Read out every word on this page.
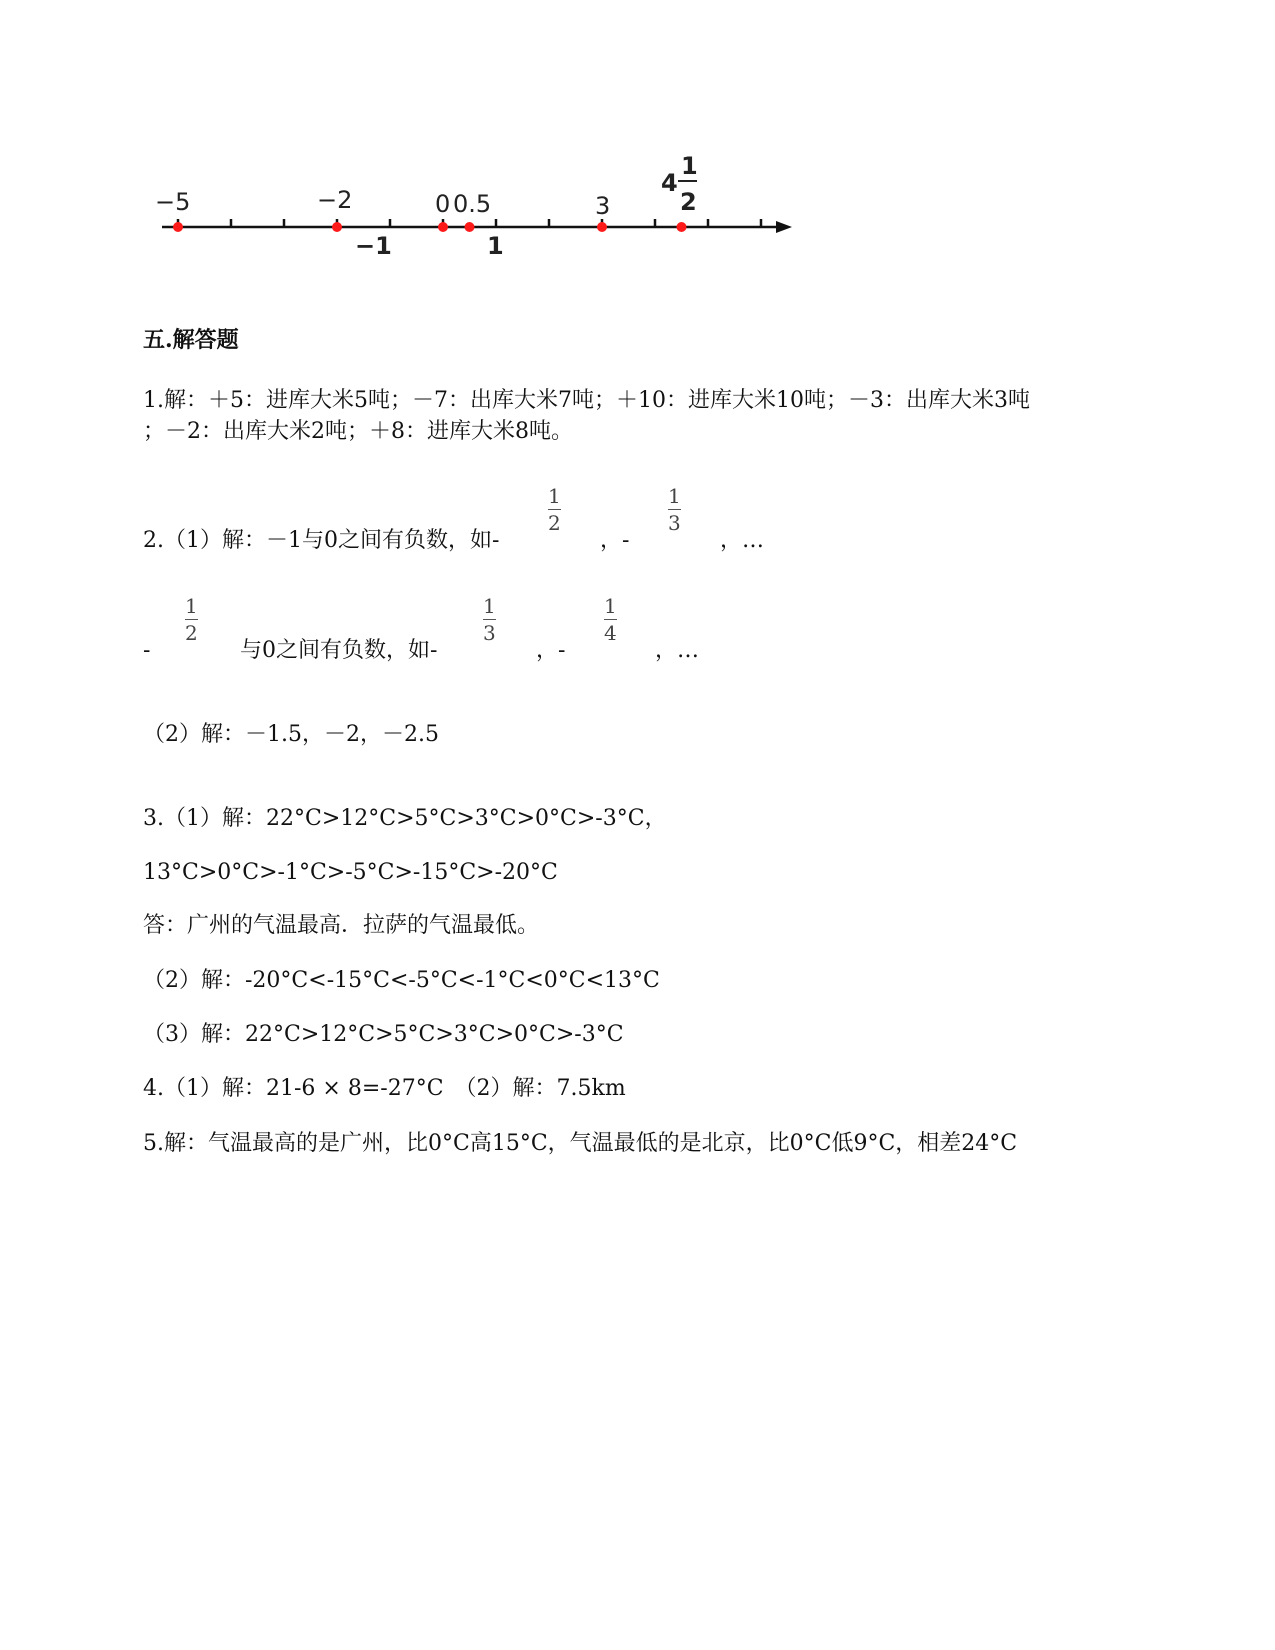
−5	−2	0 0.5	3
−1	1
4
1
2
五.解答题
1.解：＋5：进库大米5吨；－7：出库大米7吨；＋10：进库大米10吨；－3：出库大米3吨
；－2：出库大米2吨；＋8：进库大米8吨。
2.（1）解：－1与0之间有负数，如-
1
2
，-
1
3
，…
-
1
2
与0之间有负数，如-
1
3
，-
1
4
，…
（2）解：－1.5，－2，－2.5
3.（1）解：22°C>12°C>5°C>3°C>0°C>-3°C，
13°C>0°C>-1°C>-5°C>-15°C>-20°C
答：广州的气温最高．拉萨的气温最低。
（2）解：-20°C<-15°C<-5°C<-1°C<0°C<13°C
（3）解：22°C>12°C>5°C>3°C>0°C>-3°C
4.（1）解：21-6 × 8=-27°C　（2）解：7.5km
5.解：气温最高的是广州，比0°C高15°C，气温最低的是北京，比0°C低9°C，相差24°C
